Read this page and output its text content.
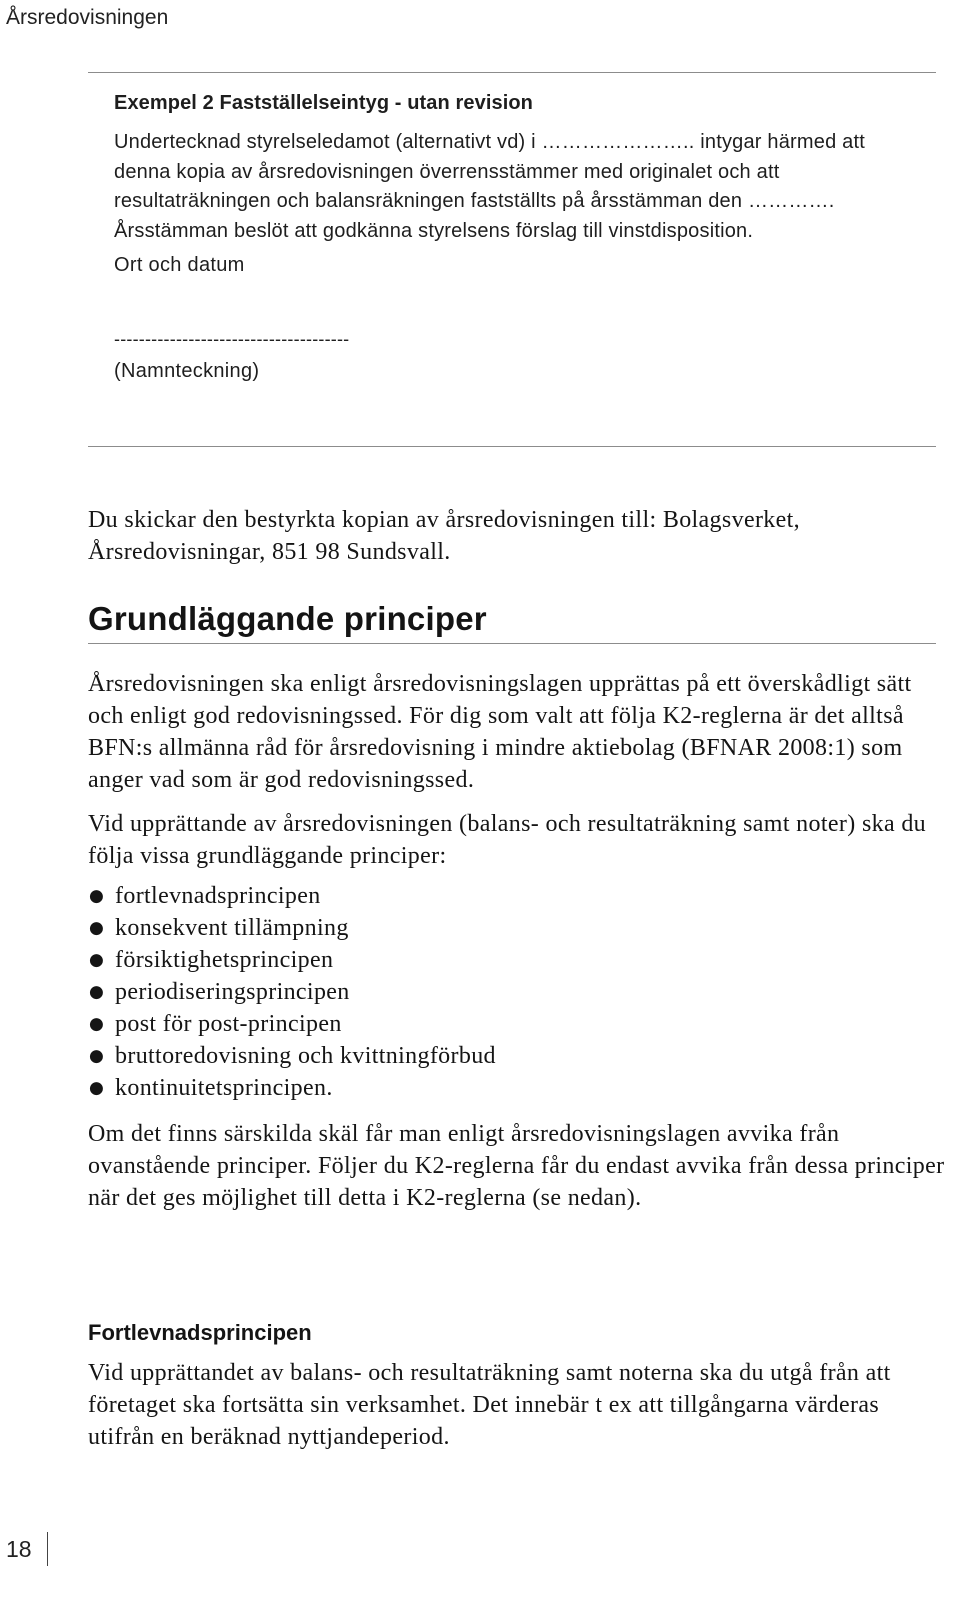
Årsredovisningen
Exempel 2 Fastställelseintyg - utan revision
Undertecknad styrelseledamot (alternativt vd) i ………………….. intygar härmed att denna kopia av årsredovisningen överrensstämmer med originalet och att resultaträkningen och balansräkningen fastställts på årsstämman den …………. Årsstämman beslöt att godkänna styrelsens förslag till vinstdisposition.
Ort och datum
--------------------------------------
(Namnteckning)

Du skickar den bestyrkta kopian av årsredovisningen till: Bolagsverket, Årsredovisningar, 851 98 Sundsvall.

Grundläggande principer

Årsredovisningen ska enligt årsredovisningslagen upprättas på ett överskådligt sätt och enligt god redovisningssed. För dig som valt att följa K2-reglerna är det alltså BFN:s allmänna råd för årsredovisning i mindre aktiebolag (BFNAR 2008:1) som anger vad som är god redovisningssed.

Vid upprättande av årsredovisningen (balans- och resultaträkning samt noter) ska du följa vissa grundläggande principer:

● fortlevnadsprincipen
● konsekvent tillämpning
● försiktighetsprincipen
● periodiseringsprincipen
● post för post-principen
● bruttoredovisning och kvittningförbud
● kontinuitetsprincipen.

Om det finns särskilda skäl får man enligt årsredovisningslagen avvika från ovanstående principer. Följer du K2-reglerna får du endast avvika från dessa principer när det ges möjlighet till detta i K2-reglerna (se nedan).

Fortlevnadsprincipen

Vid upprättandet av balans- och resultaträkning samt noterna ska du utgå från att företaget ska fortsätta sin verksamhet. Det innebär t ex att tillgångarna värderas utifrån en beräknad nyttjandeperiod.

18
